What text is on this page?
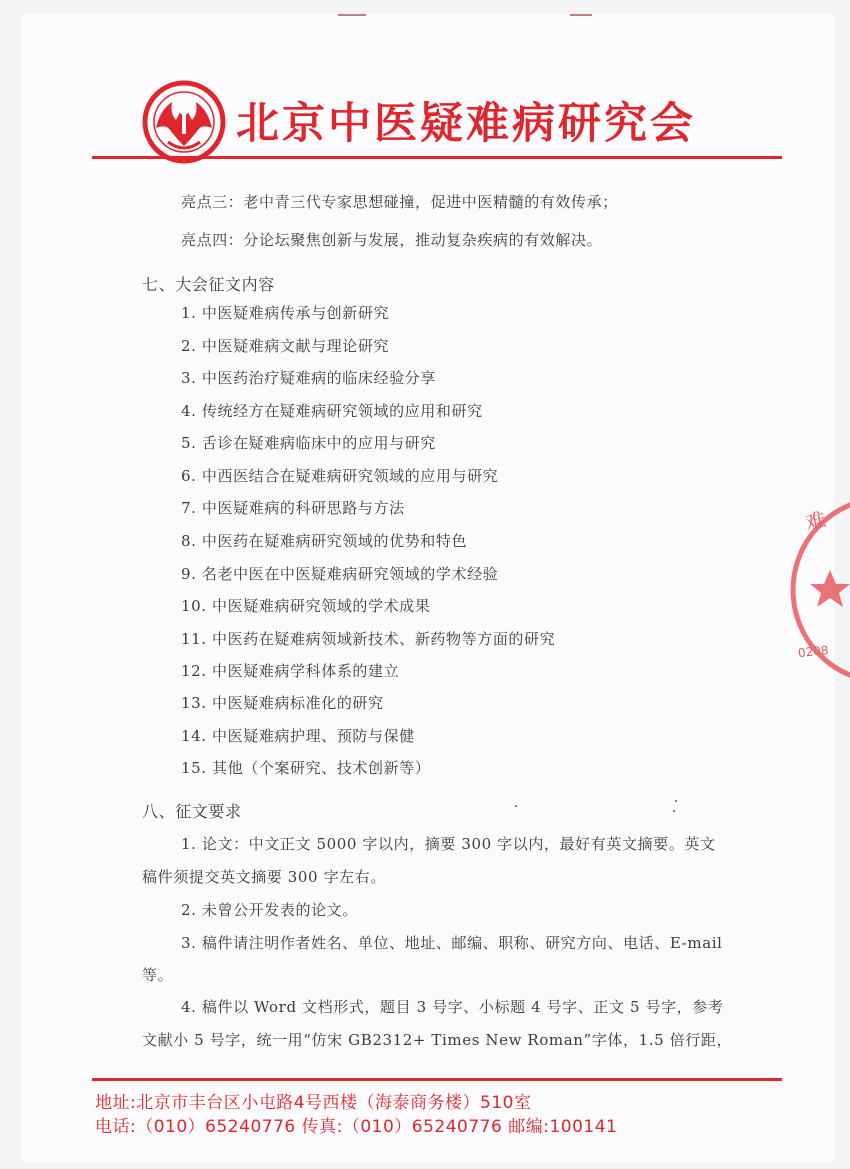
北京中医疑难病研究会
亮点三：老中青三代专家思想碰撞，促进中医精髓的有效传承；
亮点四：分论坛聚焦创新与发展，推动复杂疾病的有效解决。
七、大会征文内容
1. 中医疑难病传承与创新研究
2. 中医疑难病文献与理论研究
3. 中医药治疗疑难病的临床经验分享
4. 传统经方在疑难病研究领域的应用和研究
5. 舌诊在疑难病临床中的应用与研究
6. 中西医结合在疑难病研究领域的应用与研究
7. 中医疑难病的科研思路与方法
8. 中医药在疑难病研究领域的优势和特色
9. 名老中医在中医疑难病研究领域的学术经验
10. 中医疑难病研究领域的学术成果
11. 中医药在疑难病领域新技术、新药物等方面的研究
12. 中医疑难病学科体系的建立
13. 中医疑难病标准化的研究
14. 中医疑难病护理、预防与保健
15. 其他（个案研究、技术创新等）
八、征文要求
1. 论文：中文正文 5000 字以内，摘要 300 字以内，最好有英文摘要。英文
稿件须提交英文摘要 300 字左右。
2. 未曾公开发表的论文。
3. 稿件请注明作者姓名、单位、地址、邮编、职称、研究方向、电话、E-mail
等。
4. 稿件以 Word 文档形式，题目 3 号字、小标题 4 号字、正文 5 号字，参考
文献小 5 号字，统一用“仿宋 GB2312+ Times New Roman”字体，1.5 倍行距，
地址:北京市丰台区小屯路4号西楼（海泰商务楼）510室
电话:（010）65240776 传真:（010）65240776 邮编:100141
难
0208
